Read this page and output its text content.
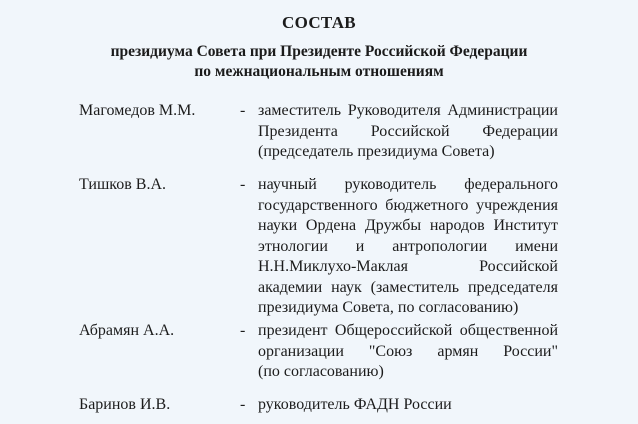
СОСТАВ
президиума Совета при Президенте Российской Федерации
по межнациональным отношениям
Магомедов М.М.	- заместитель Руководителя Администрации
Президента Российской Федерации
(председатель президиума Совета)
Тишков В.А.	- научный руководитель федерального
государственного бюджетного учреждения
науки Ордена Дружбы народов Институт
этнологии и антропологии имени
Н.Н.Миклухо-Маклая Российской
академии наук (заместитель председателя
президиума Совета, по согласованию)
Абрамян А.А.	- президент Общероссийской общественной
организации "Союз армян России"
(по согласованию)
Баринов И.В.	- руководитель ФАДН России
